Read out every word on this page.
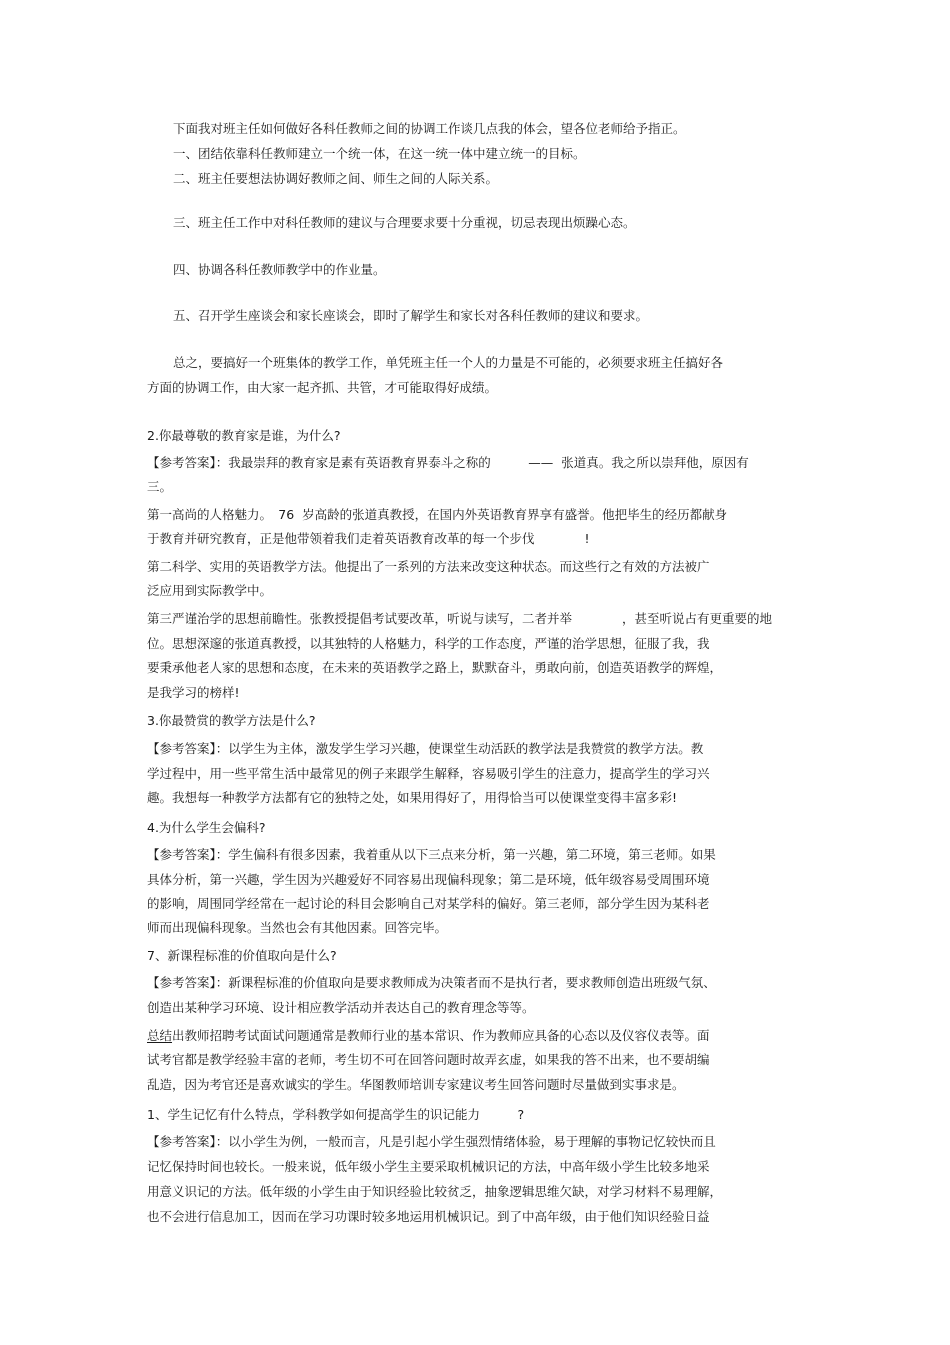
下面我对班主任如何做好各科任教师之间的协调工作谈几点我的体会，望各位老师给予指正。

一、团结依靠科任教师建立一个统一体，在这一统一体中建立统一的目标。

二、班主任要想法协调好教师之间、师生之间的人际关系。

三、班主任工作中对科任教师的建议与合理要求要十分重视，切忌表现出烦躁心态。

四、协调各科任教师教学中的作业量。

五、召开学生座谈会和家长座谈会，即时了解学生和家长对各科任教师的建议和要求。

总之，要搞好一个班集体的教学工作，单凭班主任一个人的力量是不可能的，必须要求班主任搞好各

方面的协调工作，由大家一起齐抓、共管，才可能取得好成绩。

2.你最尊敬的教育家是谁，为什么?

【参考答案】：我最崇拜的教育家是素有英语教育界泰斗之称的　　　——  张道真。我之所以崇拜他，原因有

三。

第一高尚的人格魅力。　76  岁高龄的张道真教授，在国内外英语教育界享有盛誉。他把毕生的经历都献身

于教育并研究教育，正是他带领着我们走着英语教育改革的每一个步伐　　　　!

第二科学、实用的英语教学方法。他提出了一系列的方法来改变这种状态。而这些行之有效的方法被广

泛应用到实际教学中。

第三严谨治学的思想前瞻性。张教授提倡考试要改革，听说与读写，二者并举　　　　，甚至听说占有更重要的地

位。思想深邃的张道真教授，以其独特的人格魅力，科学的工作态度，严谨的治学思想，征服了我，我

要秉承他老人家的思想和态度，在未来的英语教学之路上，默默奋斗，勇敢向前，创造英语教学的辉煌，

是我学习的榜样!

3.你最赞赏的教学方法是什么?

【参考答案】：以学生为主体，激发学生学习兴趣，使课堂生动活跃的教学法是我赞赏的教学方法。教

学过程中，用一些平常生活中最常见的例子来跟学生解释，容易吸引学生的注意力，提高学生的学习兴

趣。我想每一种教学方法都有它的独特之处，如果用得好了，用得恰当可以使课堂变得丰富多彩!

4.为什么学生会偏科?

【参考答案】：学生偏科有很多因素，我着重从以下三点来分析，第一兴趣，第二环境，第三老师。如果

具体分析，第一兴趣，学生因为兴趣爱好不同容易出现偏科现象；第二是环境，低年级容易受周围环境

的影响，周围同学经常在一起讨论的科目会影响自己对某学科的偏好。第三老师，部分学生因为某科老

师而出现偏科现象。当然也会有其他因素。回答完毕。

7、新课程标准的价值取向是什么?

【参考答案】：新课程标准的价值取向是要求教师成为决策者而不是执行者，要求教师创造出班级气氛、

创造出某种学习环境、设计相应教学活动并表达自己的教育理念等等。

总结出教师招聘考试面试问题通常是教师行业的基本常识、作为教师应具备的心态以及仪容仪表等。面

试考官都是教学经验丰富的老师，考生切不可在回答问题时故弄玄虚，如果我的答不出来，也不要胡编

乱造，因为考官还是喜欢诚实的学生。华图教师培训专家建议考生回答问题时尽量做到实事求是。

1、学生记忆有什么特点，学科教学如何提高学生的识记能力　　　?

【参考答案】：以小学生为例，一般而言，凡是引起小学生强烈情绪体验，易于理解的事物记忆较快而且

记忆保持时间也较长。一般来说，低年级小学生主要采取机械识记的方法，中高年级小学生比较多地采

用意义识记的方法。低年级的小学生由于知识经验比较贫乏，抽象逻辑思维欠缺，对学习材料不易理解，

也不会进行信息加工，因而在学习功课时较多地运用机械识记。到了中高年级，由于他们知识经验日益
